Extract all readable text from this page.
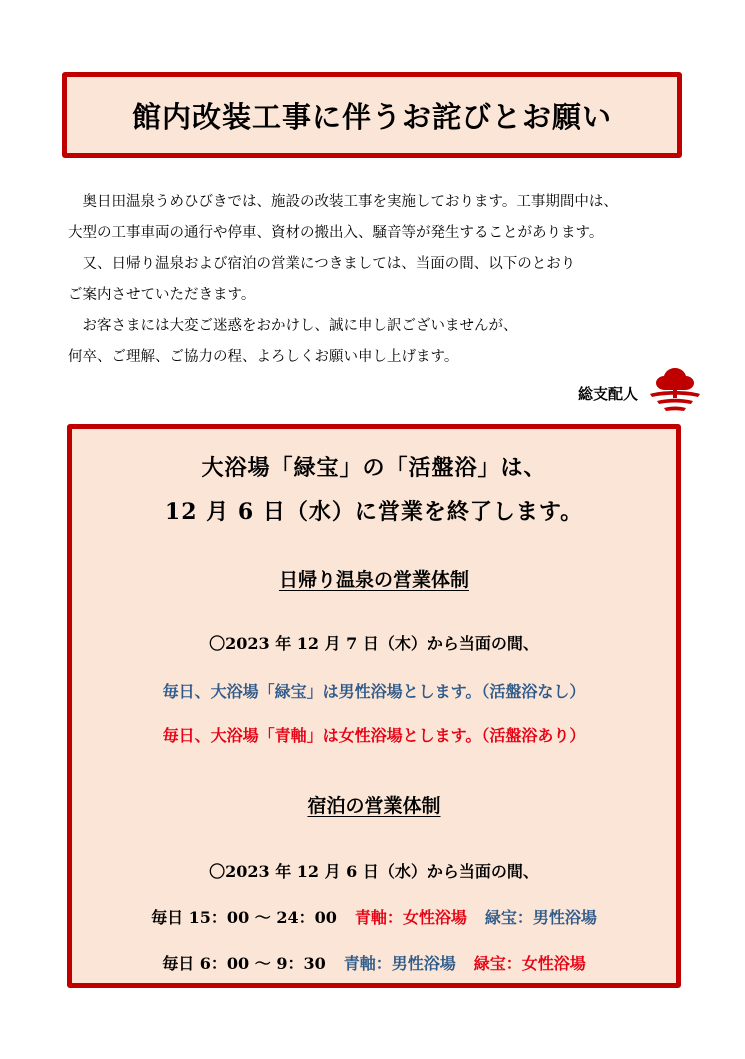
館内改装工事に伴うお詫びとお願い

　奥日田温泉うめひびきでは、施設の改装工事を実施しております。工事期間中は、

大型の工事車両の通行や停車、資材の搬出入、騒音等が発生することがあります。

　又、日帰り温泉および宿泊の営業につきましては、当面の間、以下のとおり

ご案内させていただきます。

　お客さまには大変ご迷惑をおかけし、誠に申し訳ございませんが、

何卒、ご理解、ご協力の程、よろしくお願い申し上げます。

総支配人
大浴場「緑宝」の「活盤浴」は、
12 月 6 日（水）に営業を終了します。
日帰り温泉の営業体制
〇2023 年 12 月 7 日（木）から当面の間、
毎日、大浴場「緑宝」は男性浴場とします。（活盤浴なし）
毎日、大浴場「青軸」は女性浴場とします。（活盤浴あり）
宿泊の営業体制
〇2023 年 12 月 6 日（水）から当面の間、
毎日 15：00 ～ 24：00 青軸：女性浴場 緑宝：男性浴場
毎日 6：00 ～ 9：30 青軸：男性浴場 緑宝：女性浴場
